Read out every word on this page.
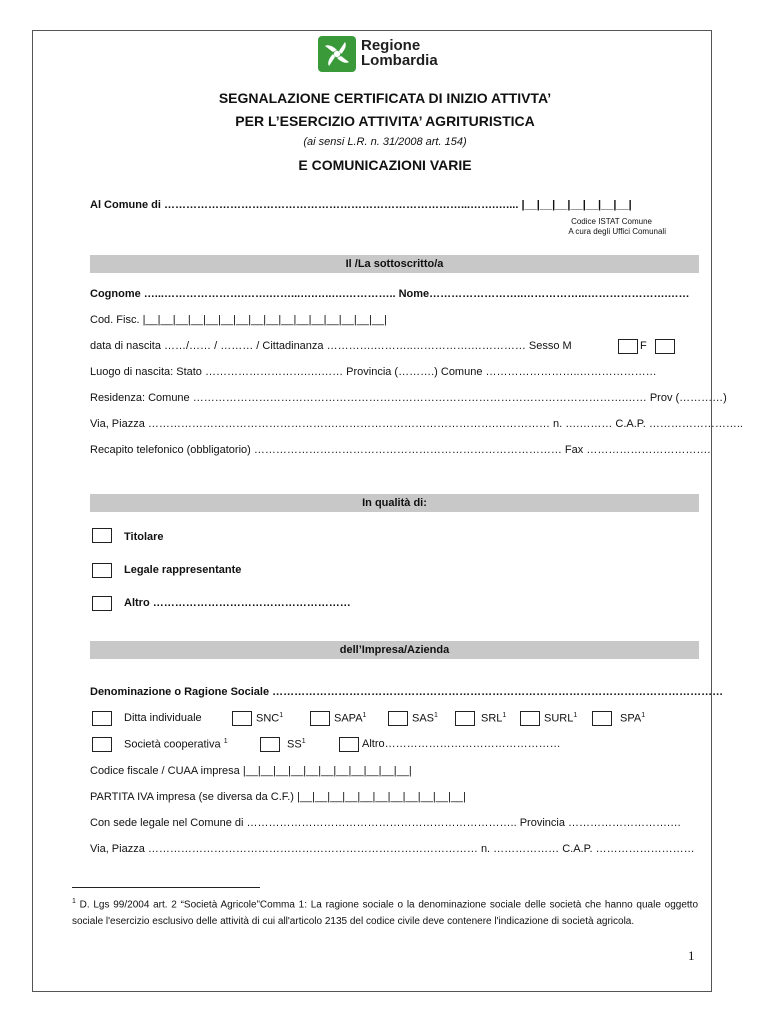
Regione
Lombardia
SEGNALAZIONE CERTIFICATA DI INIZIO ATTIVTA’
PER L’ESERCIZIO ATTIVITA’ AGRITURISTICA
(ai sensi L.R. n. 31/2008 art. 154)
E COMUNICAZIONI VARIE
Al Comune di ………………………………………………………………………...…….….... |__|__|__|__|__|__|__|
Codice ISTAT Comune
A cura degli Uffici Comunali
Il /La sottoscritto/a
Cognome …...………………….…….……...….…..….………….. Nome……………………..……………...………………….……
Cod. Fisc. |__|__|__|__|__|__|__|__|__|__|__|__|__|__|__|__|
data di nascita ……/…… / ……… / Cittadinanza ………….………..…………….…………… Sesso M	F
Luogo di nascita: Stato ……………………….….…… Provincia (……….) Comune ……………………..…………………
Residenza: Comune ……………………………………………………………………………………………………….…… Prov (…………)
Via, Piazza …………………………………………….…………………………………….…………… n. ….……… C.A.P. ……………………..
Recapito telefonico (obbligatorio) ………………………………………………………………………… Fax …………………………….
In qualità di:
Titolare
Legale rappresentante
Altro ………………………………………………
dell’Impresa/Azienda
Denominazione o Ragione Sociale ……………………………………………………………………………………………………………
Ditta individuale	SNC$^1$	SAPA$^1$	SAS$^1$	SRL$^1$	SURL$^1$	SPA$^1$
Società cooperativa $^1$	$SS^1$	Altro…………………………………………
Codice fiscale / CUAA impresa |__|__|__|__|__|__|__|__|__|__|__|
PARTITA IVA impresa (se diversa da C.F.) |__|__|__|__|__|__|__|__|__|__|__|
Con sede legale nel Comune di ……………………………………………………………….. Provincia ……………………….…
Via, Piazza ……………………………………………………………………………… n. ……………… C.A.P. ………………………
$^1$ D. Lgs 99/2004 art. 2 “Società Agricole”Comma 1: La ragione sociale o la denominazione sociale delle società che hanno quale oggetto sociale l'esercizio esclusivo delle attività di cui all'articolo 2135 del codice civile deve contenere l'indicazione di società agricola.
1
